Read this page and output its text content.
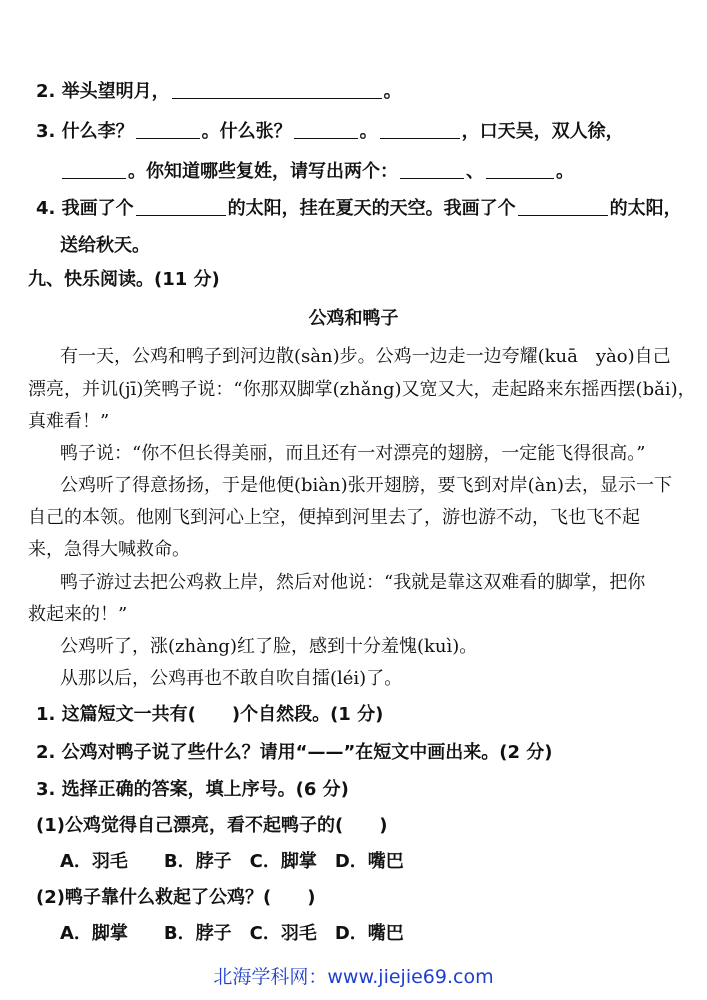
2. 举头望明月，	。
3. 什么李？	。什么张？	。	，口天吴，双人徐，
。你知道哪些复姓，请写出两个：	、	。
4. 我画了个	的太阳，挂在夏天的天空。我画了个	的太阳，
送给秋天。
九、快乐阅读。(11 分)
公鸡和鸭子
有一天，公鸡和鸭子到河边散(sàn)步。公鸡一边走一边夸耀(kuā　yào)自己
漂亮，并讥(jī)笑鸭子说：“你那双脚掌(zhǎng)又宽又大，走起路来东摇西摆(bǎi)，
真难看！”
鸭子说：“你不但长得美丽，而且还有一对漂亮的翅膀，一定能飞得很高。”
公鸡听了得意扬扬，于是他便(biàn)张开翅膀，要飞到对岸(àn)去，显示一下
自己的本领。他刚飞到河心上空，便掉到河里去了，游也游不动，飞也飞不起
来，急得大喊救命。
鸭子游过去把公鸡救上岸，然后对他说：“我就是靠这双难看的脚掌，把你
救起来的！”
公鸡听了，涨(zhàng)红了脸，感到十分羞愧(kuì)。
从那以后，公鸡再也不敢自吹自擂(léi)了。
1. 这篇短文一共有(　　)个自然段。(1 分)
2. 公鸡对鸭子说了些什么？请用“——”在短文中画出来。(2 分)
3. 选择正确的答案，填上序号。(6 分)
(1)公鸡觉得自己漂亮，看不起鸭子的(　　)
A．羽毛　　B．脖子　C．脚掌　D．嘴巴
(2)鸭子靠什么救起了公鸡？(　　)
A．脚掌　　B．脖子　C．羽毛　D．嘴巴
北海学科网：www.jiejie69.com
